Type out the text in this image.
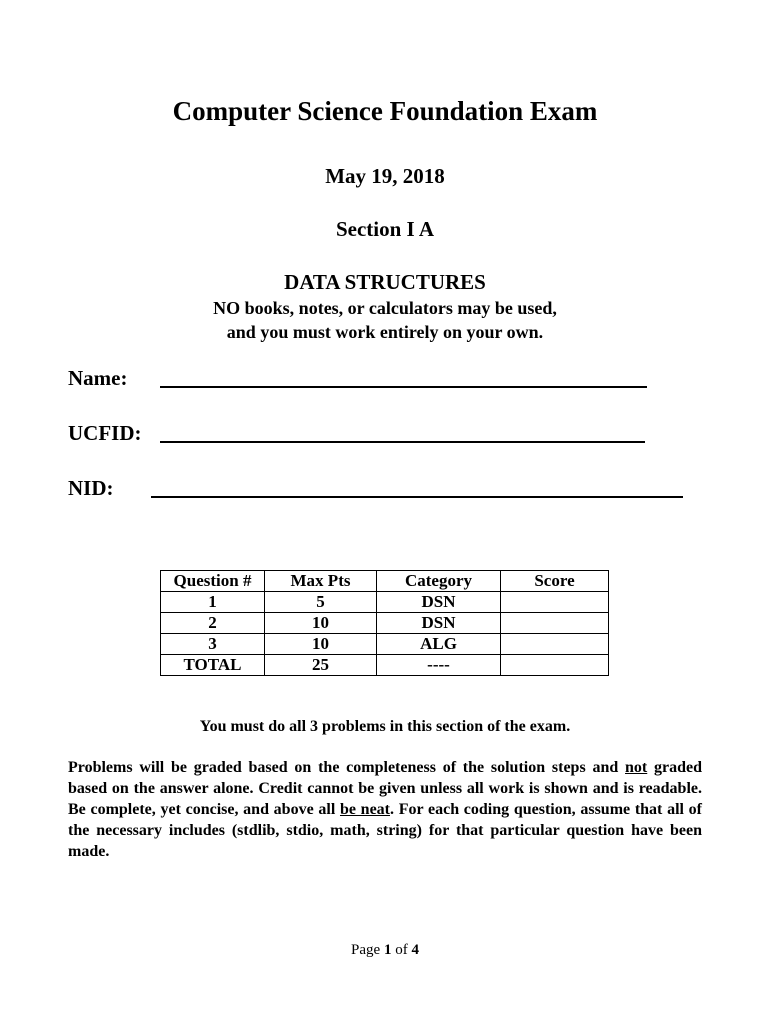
Computer Science Foundation Exam
May 19, 2018
Section I A
DATA STRUCTURES
NO books, notes, or calculators may be used,
and you must work entirely on your own.
Name:
UCFID:
NID:
Question #	Max Pts	Category	Score
1	5	DSN	
2	10	DSN	
3	10	ALG	
TOTAL	25	----	
You must do all 3 problems in this section of the exam.
Problems will be graded based on the completeness of the solution steps and not graded based on the answer alone. Credit cannot be given unless all work is shown and is readable. Be complete, yet concise, and above all be neat. For each coding question, assume that all of the necessary includes (stdlib, stdio, math, string) for that particular question have been made.
Page 1 of 4
